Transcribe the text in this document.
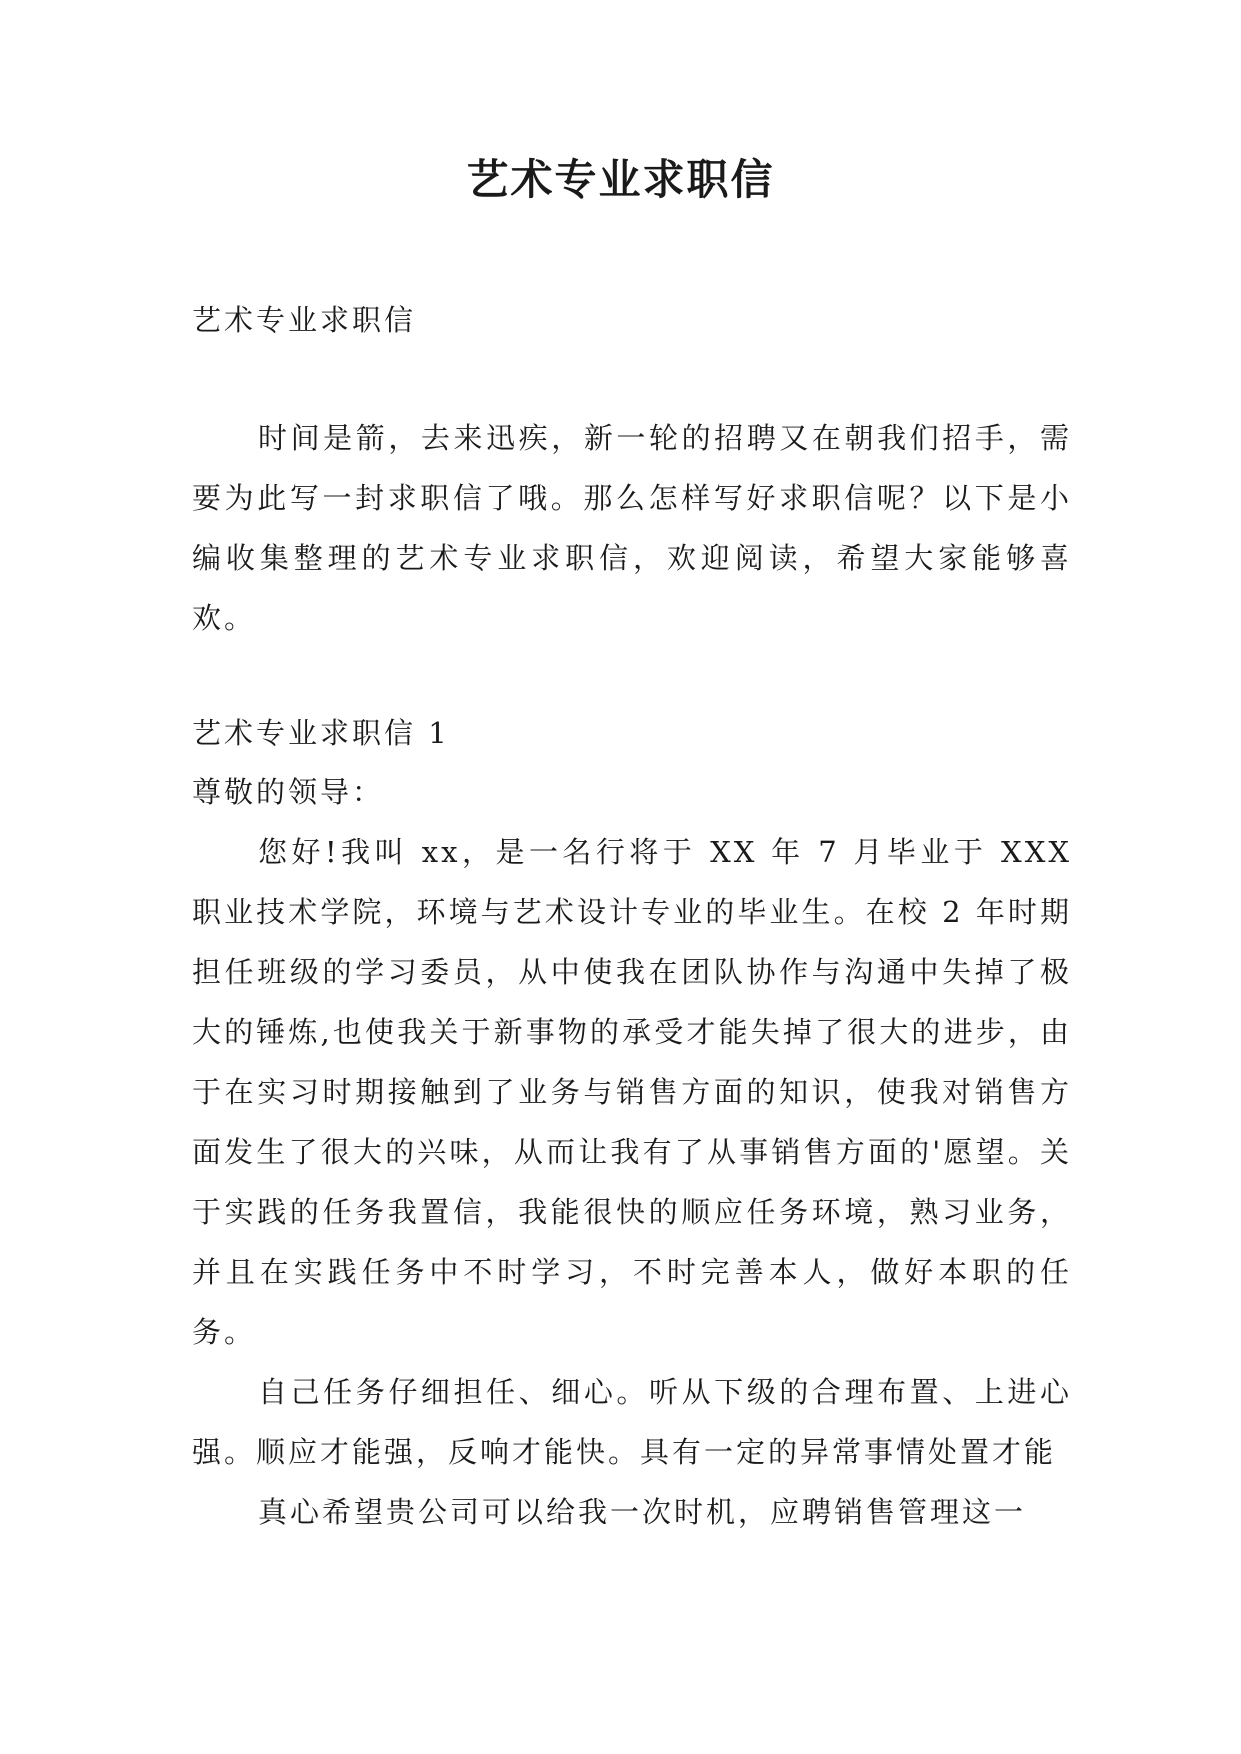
艺术专业求职信

艺术专业求职信

时间是箭，去来迅疾，新一轮的招聘又在朝我们招手，需要为此写一封求职信了哦。那么怎样写好求职信呢？以下是小编收集整理的艺术专业求职信，欢迎阅读，希望大家能够喜欢。

艺术专业求职信 1

尊敬的领导：

您好!我叫 xx，是一名行将于 XX 年 7 月毕业于 XXX 职业技术学院，环境与艺术设计专业的毕业生。在校 2 年时期担任班级的学习委员，从中使我在团队协作与沟通中失掉了极大的锤炼,也使我关于新事物的承受才能失掉了很大的进步，由于在实习时期接触到了业务与销售方面的知识，使我对销售方面发生了很大的兴味，从而让我有了从事销售方面的'愿望。关于实践的任务我置信，我能很快的顺应任务环境，熟习业务，并且在实践任务中不时学习，不时完善本人，做好本职的任务。

自己任务仔细担任、细心。听从下级的合理布置、上进心强。顺应才能强，反响才能快。具有一定的异常事情处置才能

真心希望贵公司可以给我一次时机，应聘销售管理这一
